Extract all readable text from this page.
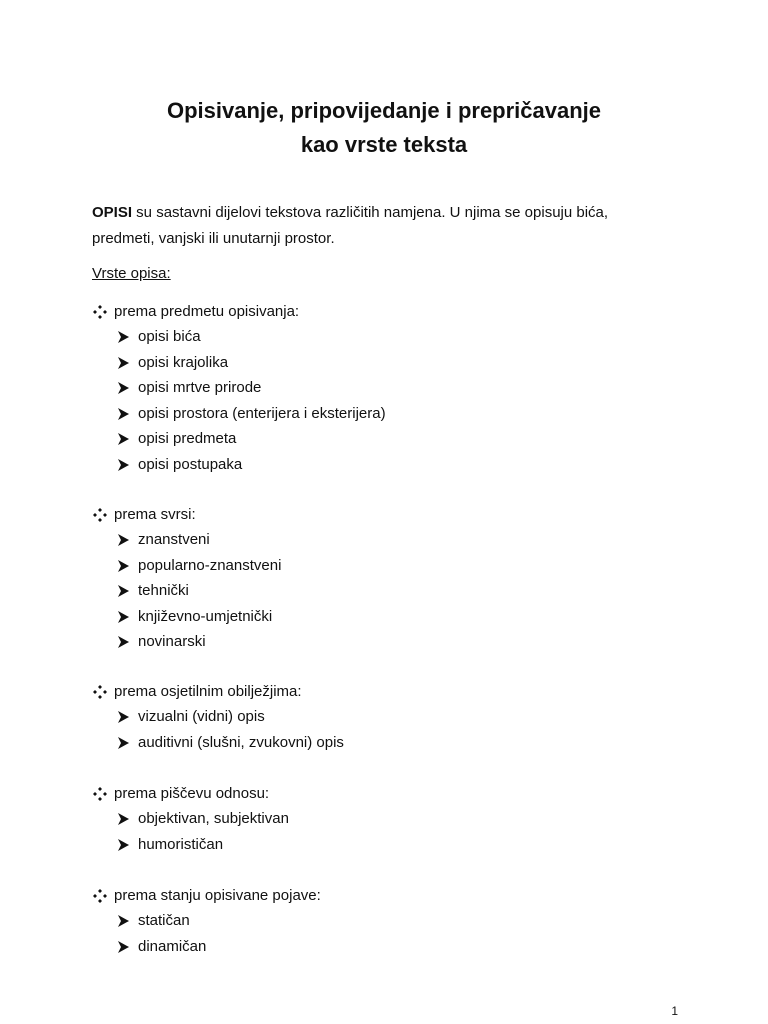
Opisivanje, pripovijedanje i prepričavanje
kao vrste teksta
OPISI su sastavni dijelovi tekstova različitih namjena. U njima se opisuju bića,
predmeti, vanjski ili unutarnji prostor.
Vrste opisa:
prema predmetu opisivanja:
opisi bića
opisi krajolika
opisi mrtve prirode
opisi prostora (enterijera i eksterijera)
opisi predmeta
opisi postupaka
prema svrsi:
znanstveni
popularno-znanstveni
tehnički
književno-umjetnički
novinarski
prema osjetilnim obilježjima:
vizualni (vidni) opis
auditivni (slušni, zvukovni) opis
prema piščevu odnosu:
objektivan, subjektivan
humorističan
prema stanju opisivane pojave:
statičan
dinamičan
1
